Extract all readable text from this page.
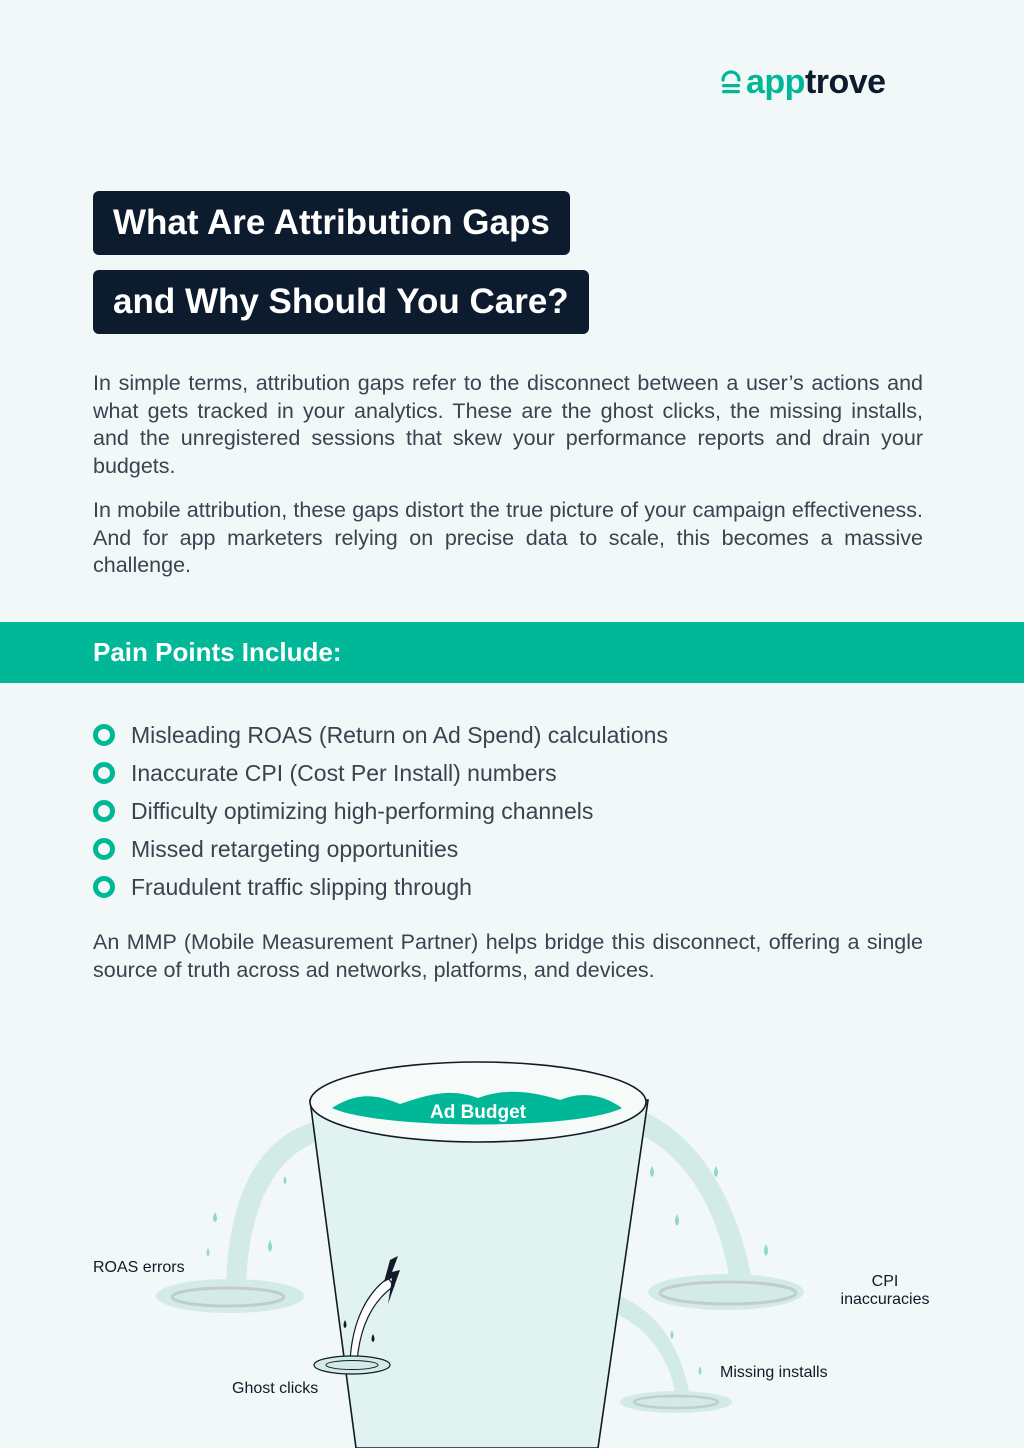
apptrove
What Are Attribution Gaps
and Why Should You Care?

In simple terms, attribution gaps refer to the disconnect between a user’s actions and what gets tracked in your analytics. These are the ghost clicks, the missing installs, and the unregistered sessions that skew your performance reports and drain your budgets.

In mobile attribution, these gaps distort the true picture of your campaign effectiveness. And for app marketers relying on precise data to scale, this becomes a massive challenge.

Pain Points Include:
Misleading ROAS (Return on Ad Spend) calculations
Inaccurate CPI (Cost Per Install) numbers
Difficulty optimizing high-performing channels
Missed retargeting opportunities
Fraudulent traffic slipping through

An MMP (Mobile Measurement Partner) helps bridge this disconnect, offering a single source of truth across ad networks, platforms, and devices.

Ad Budget
ROAS errors
CPI
inaccuracies
Missing installs
Ghost clicks
